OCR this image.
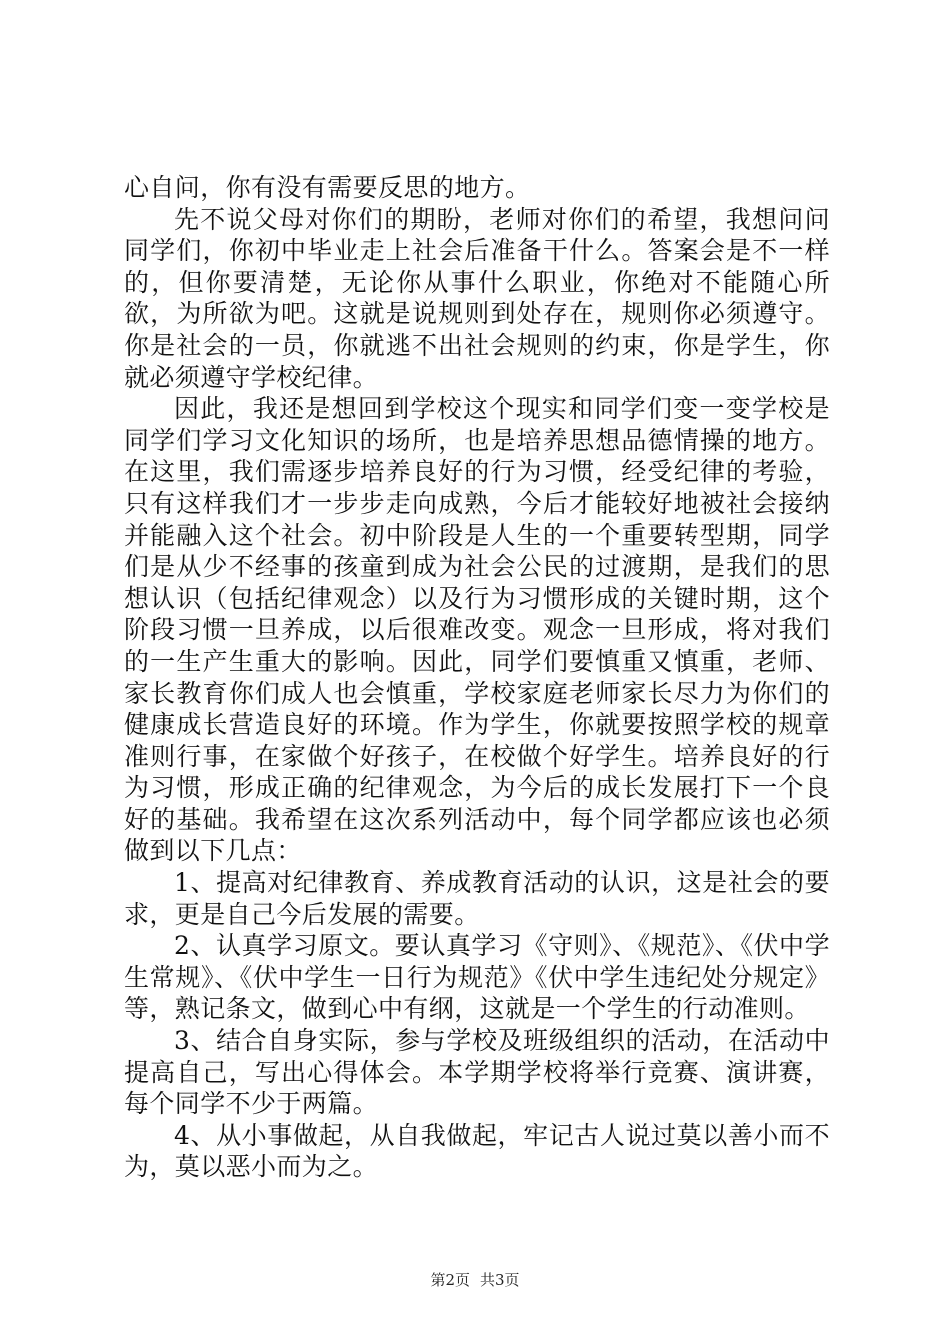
心自问，你有没有需要反思的地方。

先不说父母对你们的期盼，老师对你们的希望，我想问问同学们，你初中毕业走上社会后准备干什么。答案会是不一样的，但你要清楚，无论你从事什么职业，你绝对不能随心所欲，为所欲为吧。这就是说规则到处存在，规则你必须遵守。你是社会的一员，你就逃不出社会规则的约束，你是学生，你就必须遵守学校纪律。

因此，我还是想回到学校这个现实和同学们变一变学校是同学们学习文化知识的场所，也是培养思想品德情操的地方。在这里，我们需逐步培养良好的行为习惯，经受纪律的考验，只有这样我们才一步步走向成熟，今后才能较好地被社会接纳并能融入这个社会。初中阶段是人生的一个重要转型期，同学们是从少不经事的孩童到成为社会公民的过渡期，是我们的思想认识（包括纪律观念）以及行为习惯形成的关键时期，这个阶段习惯一旦养成，以后很难改变。观念一旦形成，将对我们的一生产生重大的影响。因此，同学们要慎重又慎重，老师、家长教育你们成人也会慎重，学校家庭老师家长尽力为你们的健康成长营造良好的环境。作为学生，你就要按照学校的规章准则行事，在家做个好孩子，在校做个好学生。培养良好的行为习惯，形成正确的纪律观念，为今后的成长发展打下一个良好的基础。我希望在这次系列活动中，每个同学都应该也必须做到以下几点：

1、提高对纪律教育、养成教育活动的认识，这是社会的要求，更是自己今后发展的需要。

2、认真学习原文。要认真学习《守则》、《规范》、《伏中学生常规》、《伏中学生一日行为规范》《伏中学生违纪处分规定》等，熟记条文，做到心中有纲，这就是一个学生的行动准则。

3、结合自身实际，参与学校及班级组织的活动，在活动中提高自己，写出心得体会。本学期学校将举行竞赛、演讲赛，每个同学不少于两篇。

4、从小事做起，从自我做起，牢记古人说过莫以善小而不为，莫以恶小而为之。

第2页 共3页
